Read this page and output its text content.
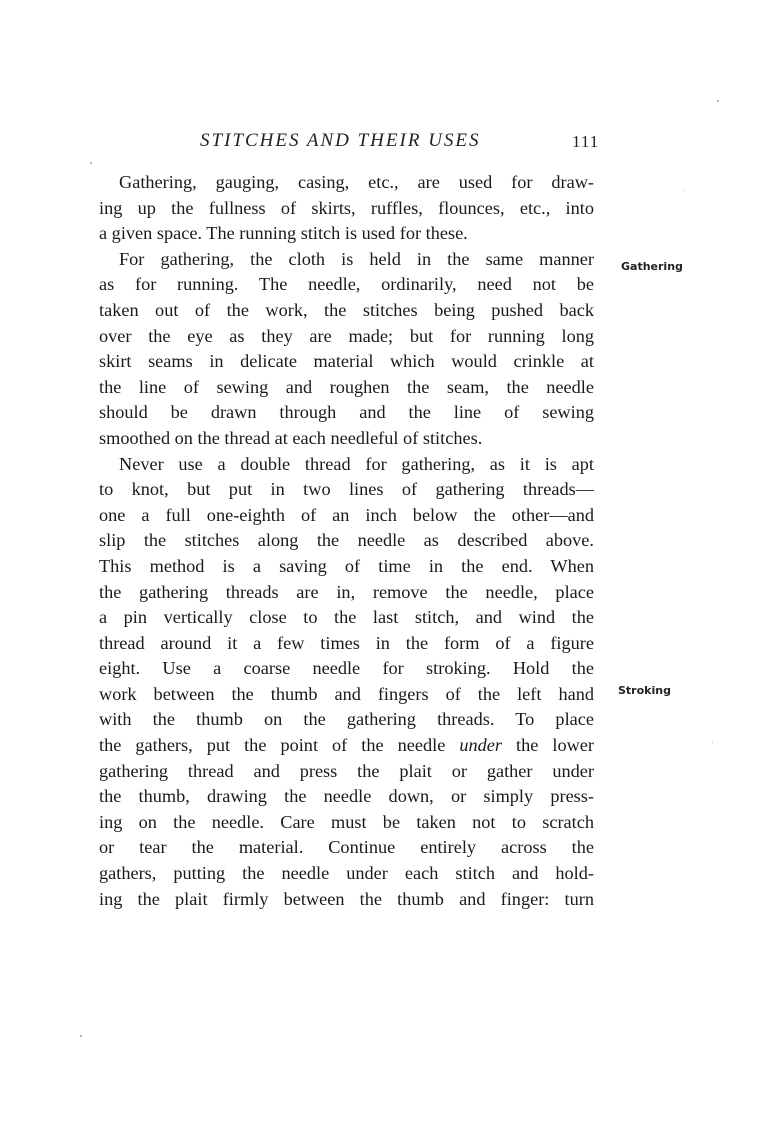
STITCHES AND THEIR USES	111
Gathering
Stroking
Gathering, gauging, casing, etc., are used for draw-
ing up the fullness of skirts, ruffles, flounces, etc., into
a given space. The running stitch is used for these.
For gathering, the cloth is held in the same manner
as for running. The needle, ordinarily, need not be
taken out of the work, the stitches being pushed back
over the eye as they are made; but for running long
skirt seams in delicate material which would crinkle at
the line of sewing and roughen the seam, the needle
should be drawn through and the line of sewing
smoothed on the thread at each needleful of stitches.
Never use a double thread for gathering, as it is apt
to knot, but put in two lines of gathering threads—
one a full one-eighth of an inch below the other—and
slip the stitches along the needle as described above.
This method is a saving of time in the end. When
the gathering threads are in, remove the needle, place
a pin vertically close to the last stitch, and wind the
thread around it a few times in the form of a figure
eight. Use a coarse needle for stroking. Hold the
work between the thumb and fingers of the left hand
with the thumb on the gathering threads. To place
the gathers, put the point of the needle under the lower
gathering thread and press the plait or gather under
the thumb, drawing the needle down, or simply press-
ing on the needle. Care must be taken not to scratch
or tear the material. Continue entirely across the
gathers, putting the needle under each stitch and hold-
ing the plait firmly between the thumb and finger: turn
